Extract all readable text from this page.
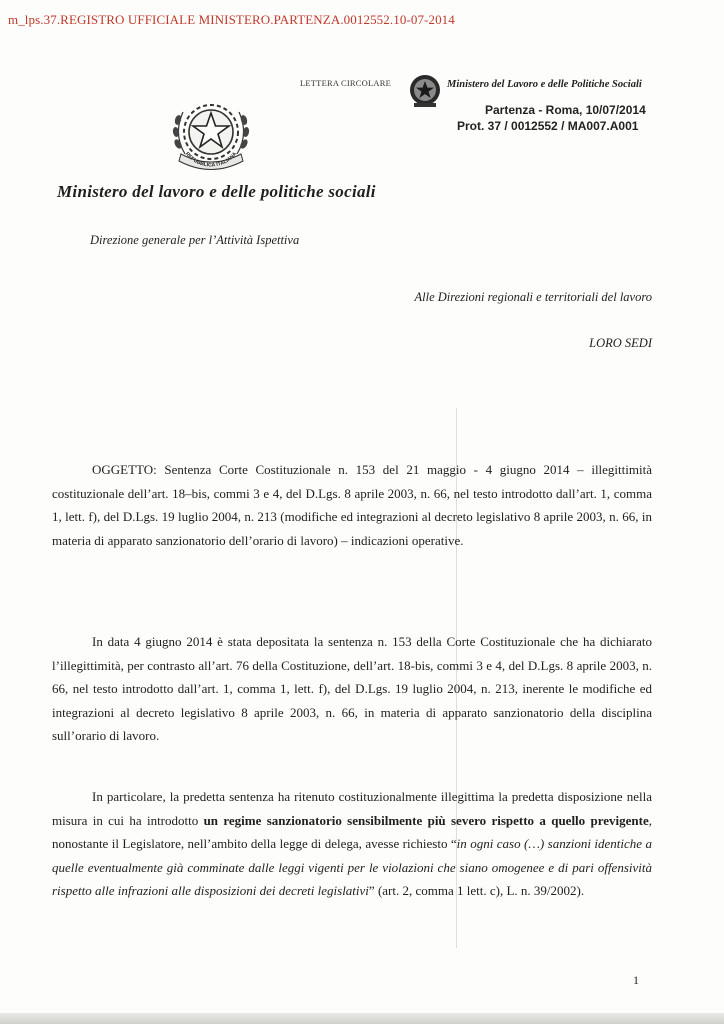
m_lps.37.REGISTRO UFFICIALE MINISTERO.PARTENZA.0012552.10-07-2014
LETTERA CIRCOLARE	Ministero del Lavoro e delle Politiche Sociali
Partenza - Roma, 10/07/2014
Prot. 37 / 0012552 / MA007.A001
REPUBBLICA ITALIANA
Ministero del lavoro e delle politiche sociali
Direzione generale per l’Attività Ispettiva
Alle Direzioni regionali e territoriali del lavoro
LORO SEDI
OGGETTO: Sentenza Corte Costituzionale n. 153 del 21 maggio - 4 giugno 2014 – illegittimità costituzionale dell’art. 18–bis, commi 3 e 4, del D.Lgs. 8 aprile 2003, n. 66, nel testo introdotto dall’art. 1, comma 1, lett. f), del D.Lgs. 19 luglio 2004, n. 213 (modifiche ed integrazioni al decreto legislativo 8 aprile 2003, n. 66, in materia di apparato sanzionatorio dell’orario di lavoro) – indicazioni operative.
In data 4 giugno 2014 è stata depositata la sentenza n. 153 della Corte Costituzionale che ha dichiarato l’illegittimità, per contrasto all’art. 76 della Costituzione, dell’art. 18-bis, commi 3 e 4, del D.Lgs. 8 aprile 2003, n. 66, nel testo introdotto dall’art. 1, comma 1, lett. f), del D.Lgs. 19 luglio 2004, n. 213, inerente le modifiche ed integrazioni al decreto legislativo 8 aprile 2003, n. 66, in materia di apparato sanzionatorio della disciplina sull’orario di lavoro.
In particolare, la predetta sentenza ha ritenuto costituzionalmente illegittima la predetta disposizione nella misura in cui ha introdotto un regime sanzionatorio sensibilmente più severo rispetto a quello previgente, nonostante il Legislatore, nell’ambito della legge di delega, avesse richiesto “in ogni caso (…) sanzioni identiche a quelle eventualmente già comminate dalle leggi vigenti per le violazioni che siano omogenee e di pari offensività rispetto alle infrazioni alle disposizioni dei decreti legislativi” (art. 2, comma 1 lett. c), L. n. 39/2002).
1
